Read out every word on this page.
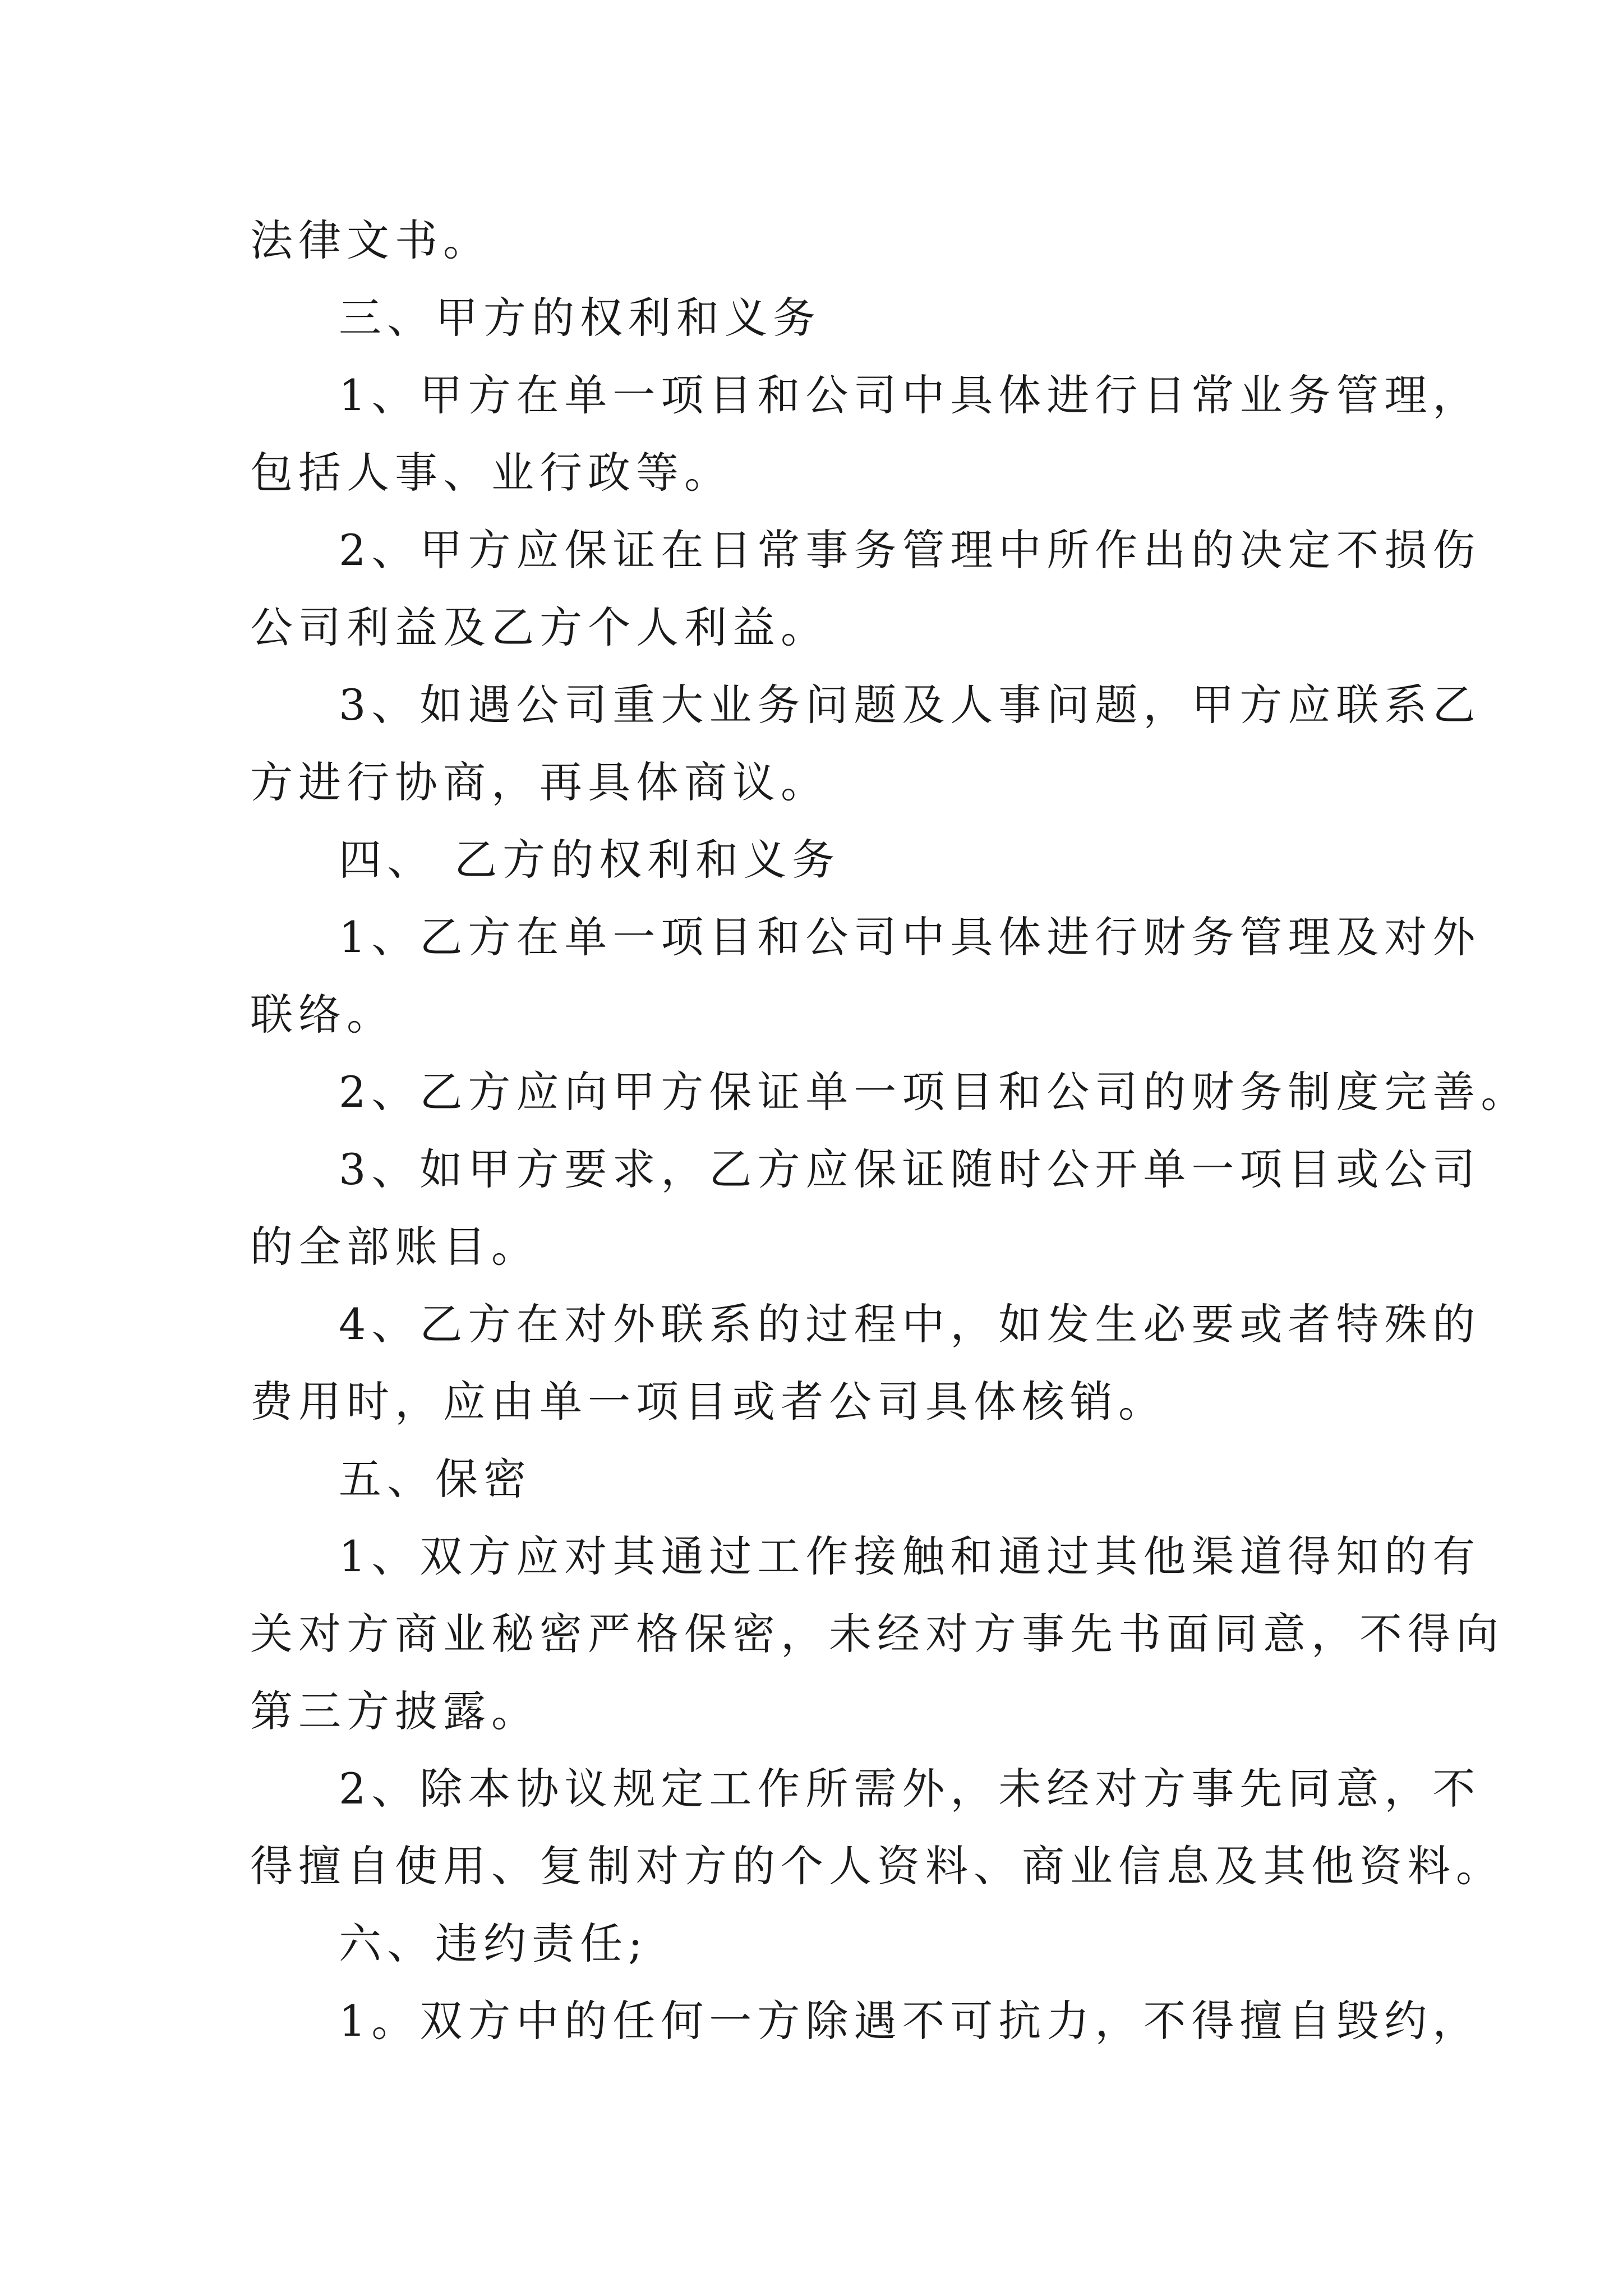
法律文书。
三、甲方的权利和义务
1、甲方在单一项目和公司中具体进行日常业务管理，
包括人事、业行政等。
2、甲方应保证在日常事务管理中所作出的决定不损伤
公司利益及乙方个人利益。
3、如遇公司重大业务问题及人事问题，甲方应联系乙
方进行协商，再具体商议。
四、 乙方的权利和义务
1、乙方在单一项目和公司中具体进行财务管理及对外
联络。
2、乙方应向甲方保证单一项目和公司的财务制度完善。
3、如甲方要求，乙方应保证随时公开单一项目或公司
的全部账目。
4、乙方在对外联系的过程中，如发生必要或者特殊的
费用时，应由单一项目或者公司具体核销。
五、保密
1、双方应对其通过工作接触和通过其他渠道得知的有
关对方商业秘密严格保密，未经对方事先书面同意，不得向
第三方披露。
2、除本协议规定工作所需外，未经对方事先同意，不
得擅自使用、复制对方的个人资料、商业信息及其他资料。
六、违约责任;
1。双方中的任何一方除遇不可抗力，不得擅自毁约，
